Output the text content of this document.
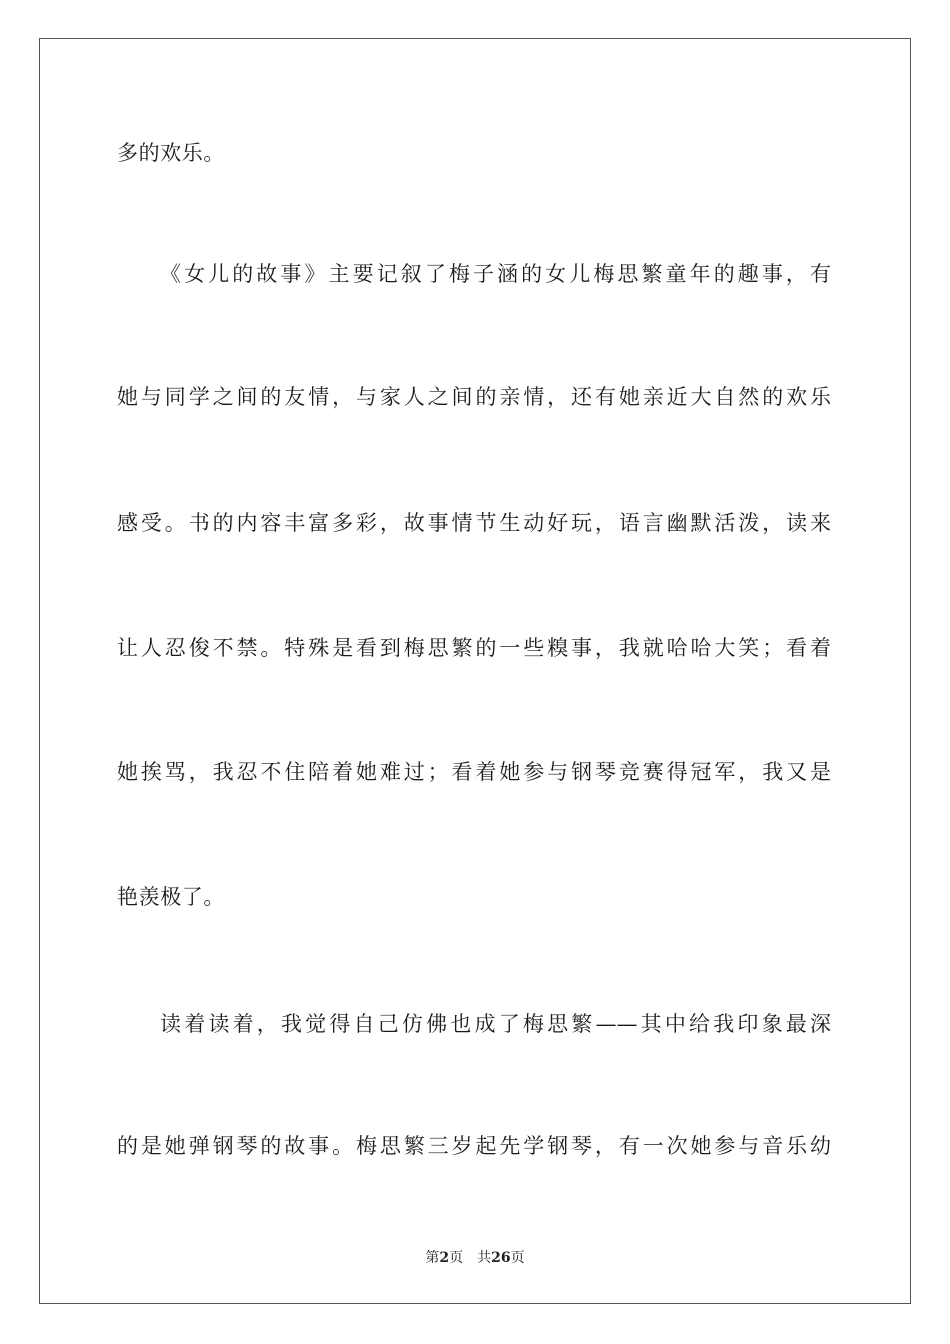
多的欢乐。
《女儿的故事》主要记叙了梅子涵的女儿梅思繁童年的趣事，有
她与同学之间的友情，与家人之间的亲情，还有她亲近大自然的欢乐
感受。书的内容丰富多彩，故事情节生动好玩，语言幽默活泼，读来
让人忍俊不禁。特殊是看到梅思繁的一些糗事，我就哈哈大笑；看着
她挨骂，我忍不住陪着她难过；看着她参与钢琴竞赛得冠军，我又是
艳羡极了。
读着读着，我觉得自己仿佛也成了梅思繁——其中给我印象最深
的是她弹钢琴的故事。梅思繁三岁起先学钢琴，有一次她参与音乐幼
第2页 共26页
